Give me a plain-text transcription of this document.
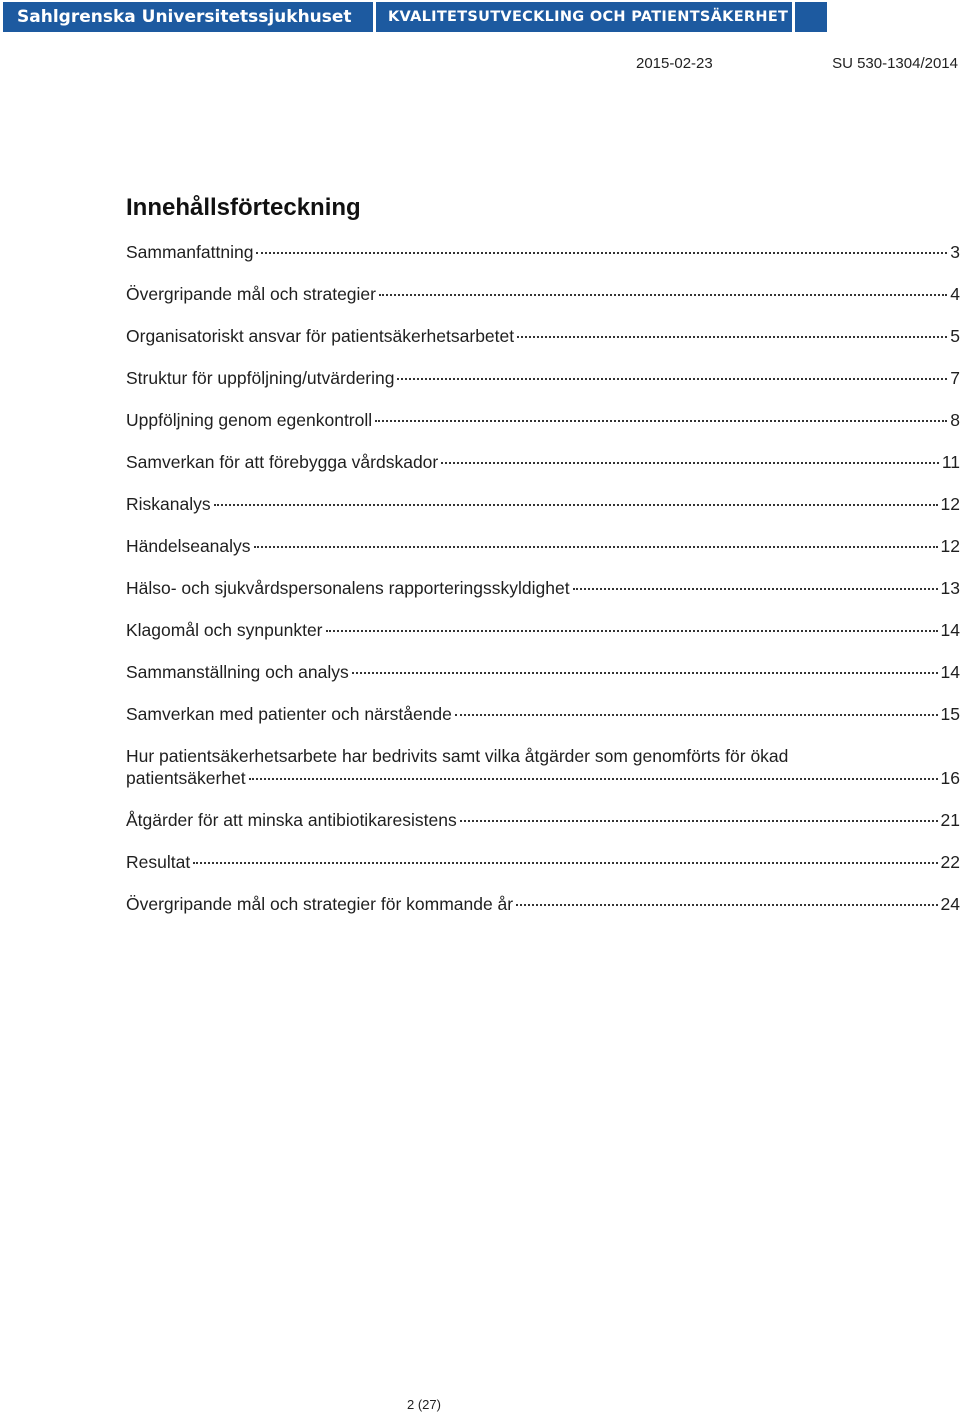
Sahlgrenska Universitetssjukhuset	KVALITETSUTVECKLING OCH PATIENTSÄKERHET
2015-02-23	SU 530-1304/2014
Innehållsförteckning
Sammanfattning	3
Övergripande mål och strategier	4
Organisatoriskt ansvar för patientsäkerhetsarbetet	5
Struktur för uppföljning/utvärdering	7
Uppföljning genom egenkontroll	8
Samverkan för att förebygga vårdskador	11
Riskanalys	12
Händelseanalys	12
Hälso- och sjukvårdspersonalens rapporteringsskyldighet	13
Klagomål och synpunkter	14
Sammanställning och analys	14
Samverkan med patienter och närstående	15
Hur patientsäkerhetsarbete har bedrivits samt vilka åtgärder som genomförts för ökad
patientsäkerhet	16
Åtgärder för att minska antibiotikaresistens	21
Resultat	22
Övergripande mål och strategier för kommande år	24
2 (27)
